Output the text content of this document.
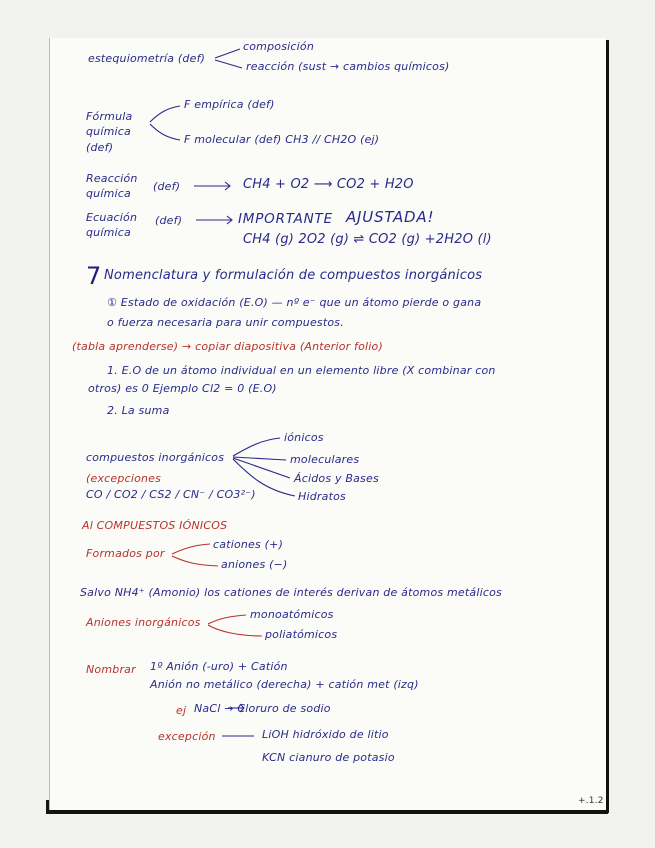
estequiometría (def)
composición
reacción (sust → cambios químicos)
Fórmula
química
(def)
F empírica (def)
F molecular (def) CH3 // CH2O (ej)
Reacción
química
(def)	CH4 + O2 ⟶ CO2 + H2O
Ecuación
química
(def)	IMPORTANTE AJUSTADA!
CH4 (g) 2O2 (g) ⇌ CO2 (g) +2H2O (l)
7 Nomenclatura y formulación de compuestos inorgánicos
① Estado de oxidación (E.O) — nº e⁻ que un átomo pierde o gana
o fuerza necesaria para unir compuestos.
(tabla aprenderse) → copiar diapositiva (Anterior folio)
1. E.O de un átomo individual en un elemento libre (X combinar con
otros) es 0 Ejemplo Cl2 = 0 (E.O)
2. La suma
compuestos inorgánicos
(excepciones
CO / CO2 / CS2 / CN⁻ / CO3²⁻)
iónicos
moleculares
Ácidos y Bases
Hidratos
Al COMPUESTOS IÓNICOS
Formados por
cationes (+)
aniones (−)
Salvo NH4⁺ (Amonio) los cationes de interés derivan de átomos metálicos
Aniones inorgánicos
monoatómicos
poliatómicos
Nombrar 1º Anión (-uro) + Catión
Anión no metálico (derecha) + catión met (izq)
ej NaCl → Cloruro de sodio
excepción	LiOH hidróxido de litio
KCN cianuro de potasio
+.1.2
